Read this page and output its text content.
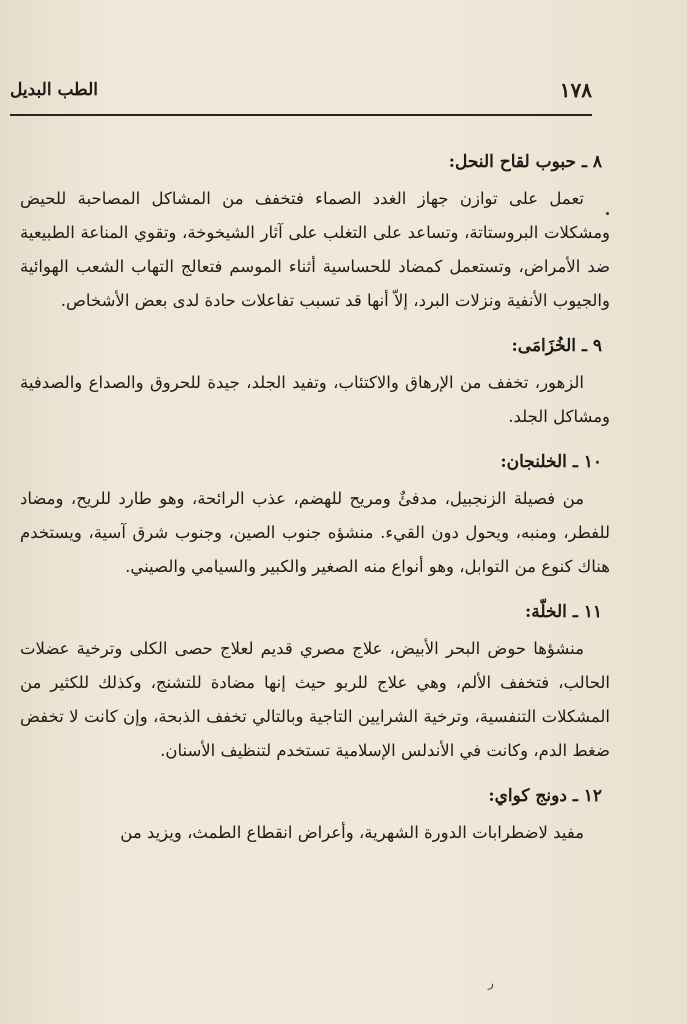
١٧٨
الطب البديل
٨ ـ حبوب لقاح النحل:

تعمل على توازن جهاز الغدد الصماء فتخفف من المشاكل المصاحبة للحيض ومشكلات البروستاتة، وتساعد على التغلب على آثار الشيخوخة، وتقوي المناعة الطبيعية ضد الأمراض، وتستعمل كمضاد للحساسية أثناء الموسم فتعالج التهاب الشعب الهوائية والجيوب الأنفية ونزلات البرد، إلاّ أنها قد تسبب تفاعلات حادة لدى بعض الأشخاص.

٩ ـ الخُزَامَى:

الزهور، تخفف من الإرهاق والاكتئاب، وتفيد الجلد، جيدة للحروق والصداع والصدفية ومشاكل الجلد.

١٠ ـ الخلنجان:

من فصيلة الزنجبيل، مدفئٌ ومريح للهضم، عذب الرائحة، وهو طارد للريح، ومضاد للفطر، ومنبه، ويحول دون القيء. منشؤه جنوب الصين، وجنوب شرق آسية، ويستخدم هناك كنوع من التوابل، وهو أنواع منه الصغير والكبير والسيامي والصيني.

١١ ـ الخلّة:

منشؤها حوض البحر الأبيض، علاج مصري قديم لعلاج حصى الكلى وترخية عضلات الحالب، فتخفف الألم، وهي علاج للربو حيث إنها مضادة للتشنج، وكذلك للكثير من المشكلات التنفسية، وترخية الشرايين التاجية وبالتالي تخفف الذبحة، وإن كانت لا تخفض ضغط الدم، وكانت في الأندلس الإسلامية تستخدم لتنظيف الأسنان.

١٢ ـ دونج كواي:

مفيد لاضطرابات الدورة الشهرية، وأعراض انقطاع الطمث، ويزيد من

ر
